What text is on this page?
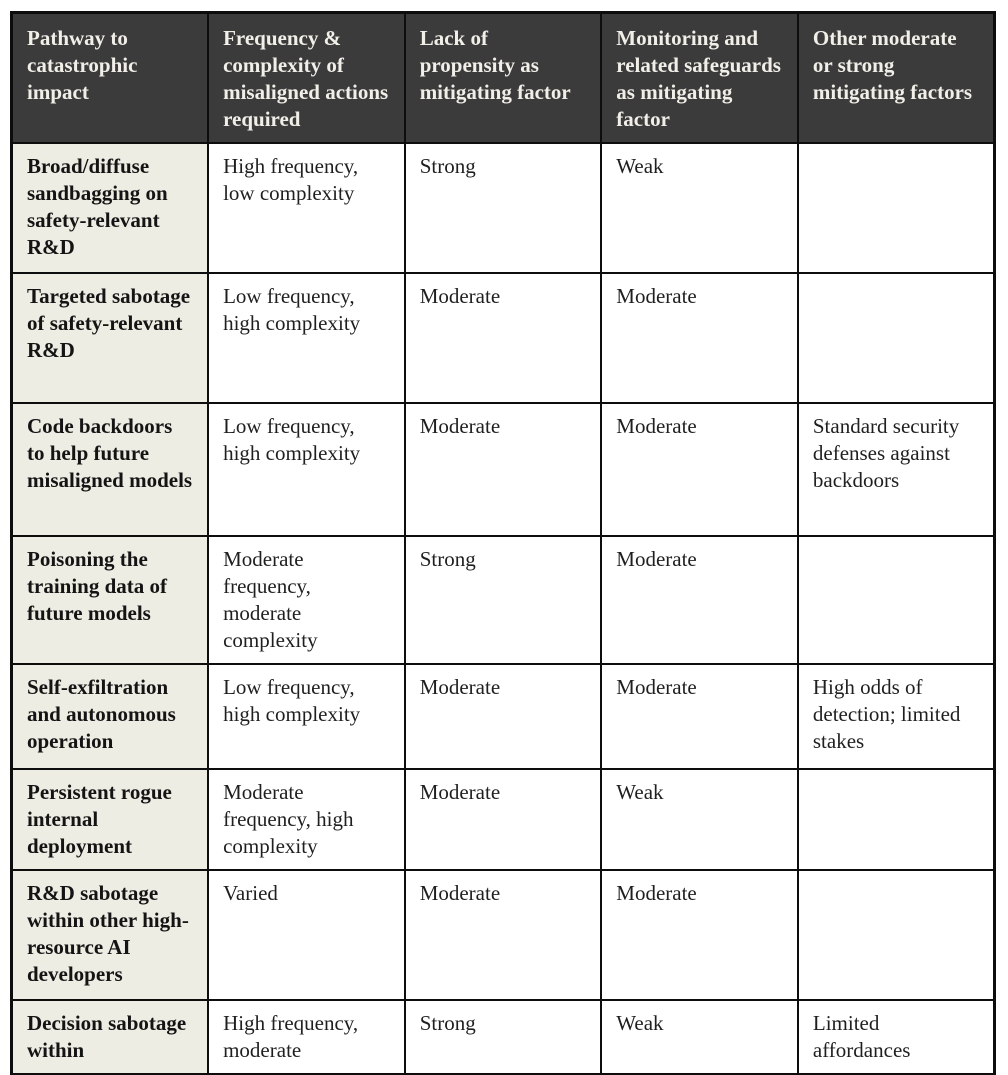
Pathway to catastrophic impact	Frequency & complexity of misaligned actions required	Lack of propensity as mitigating factor	Monitoring and related safeguards as mitigating factor	Other moderate or strong mitigating factors
Broad/diffuse sandbagging on safety-relevant R&D	High frequency, low complexity	Strong	Weak	
Targeted sabotage of safety-relevant R&D	Low frequency, high complexity	Moderate	Moderate	
Code backdoors to help future misaligned models	Low frequency, high complexity	Moderate	Moderate	Standard security defenses against backdoors
Poisoning the training data of future models	Moderate frequency, moderate complexity	Strong	Moderate	
Self-exfiltration and autonomous operation	Low frequency, high complexity	Moderate	Moderate	High odds of detection; limited stakes
Persistent rogue internal deployment	Moderate frequency, high complexity	Moderate	Weak	
R&D sabotage within other high-resource AI developers	Varied	Moderate	Moderate	
Decision sabotage within	High frequency, moderate	Strong	Weak	Limited affordances
